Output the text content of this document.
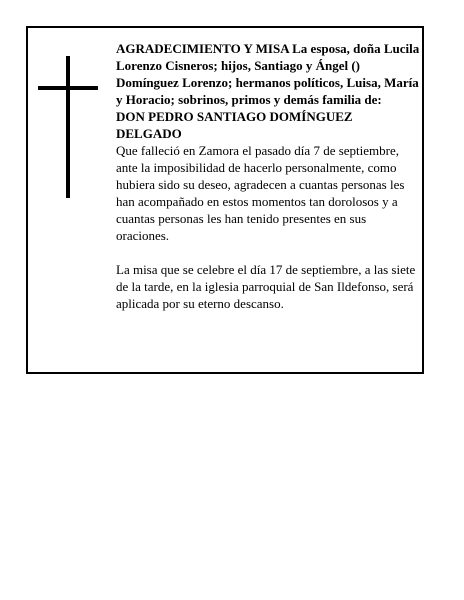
AGRADECIMIENTO Y MISA La esposa, doña Lucila Lorenzo Cisneros; hijos, Santiago y Ángel () Domínguez Lorenzo; hermanos políticos, Luisa, María y Horacio; sobrinos, primos y demás familia de:

DON PEDRO SANTIAGO DOMÍNGUEZ DELGADO

Que falleció en Zamora el pasado día 7 de septiembre, ante la imposibilidad de hacerlo personalmente, como hubiera sido su deseo, agradecen a cuantas personas les han acompañado en estos momentos tan dorolosos y a cuantas personas les han tenido presentes en sus oraciones.

La misa que se celebre el día 17 de septiembre, a las siete de la tarde, en la iglesia parroquial de San Ildefonso, será aplicada por su eterno descanso.
